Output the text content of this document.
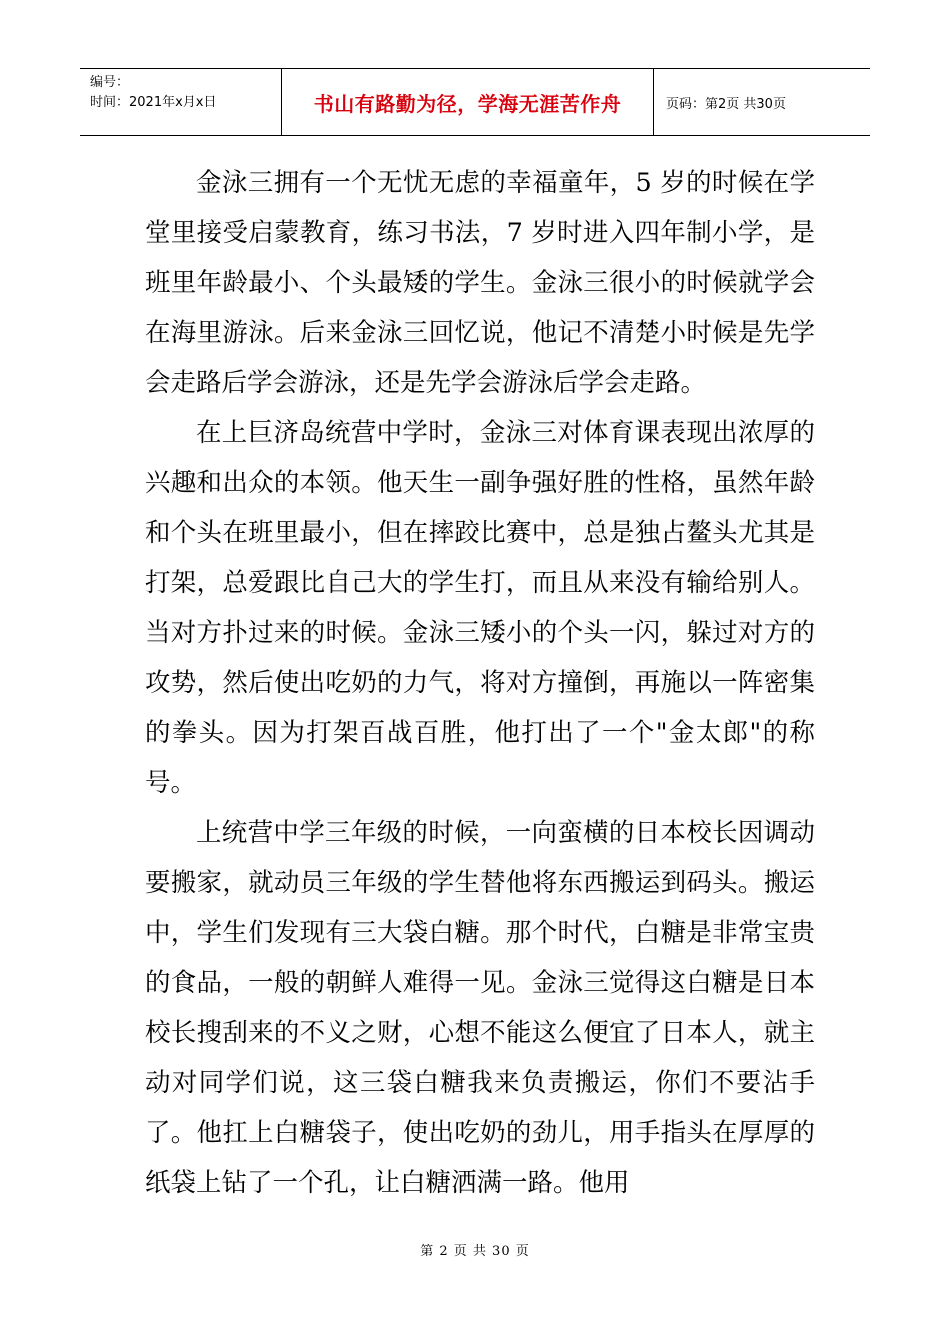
编号：
时间：2021年x月x日	书山有路勤为径，学海无涯苦作舟	页码：第2页 共30页

金泳三拥有一个无忧无虑的幸福童年，5 岁的时候在学堂里接受启蒙教育，练习书法，7 岁时进入四年制小学，是班里年龄最小、个头最矮的学生。金泳三很小的时候就学会在海里游泳。后来金泳三回忆说，他记不清楚小时候是先学会走路后学会游泳，还是先学会游泳后学会走路。

在上巨济岛统营中学时，金泳三对体育课表现出浓厚的兴趣和出众的本领。他天生一副争强好胜的性格，虽然年龄和个头在班里最小，但在摔跤比赛中，总是独占鳌头尤其是打架，总爱跟比自己大的学生打，而且从来没有输给别人。当对方扑过来的时候。金泳三矮小的个头一闪，躲过对方的攻势，然后使出吃奶的力气，将对方撞倒，再施以一阵密集的拳头。因为打架百战百胜，他打出了一个"金太郎"的称号。

上统营中学三年级的时候，一向蛮横的日本校长因调动要搬家，就动员三年级的学生替他将东西搬运到码头。搬运中，学生们发现有三大袋白糖。那个时代，白糖是非常宝贵的食品，一般的朝鲜人难得一见。金泳三觉得这白糖是日本校长搜刮来的不义之财，心想不能这么便宜了日本人，就主动对同学们说，这三袋白糖我来负责搬运，你们不要沾手了。他扛上白糖袋子，使出吃奶的劲儿，用手指头在厚厚的纸袋上钻了一个孔，让白糖洒满一路。他用

第 2 页 共 30 页
